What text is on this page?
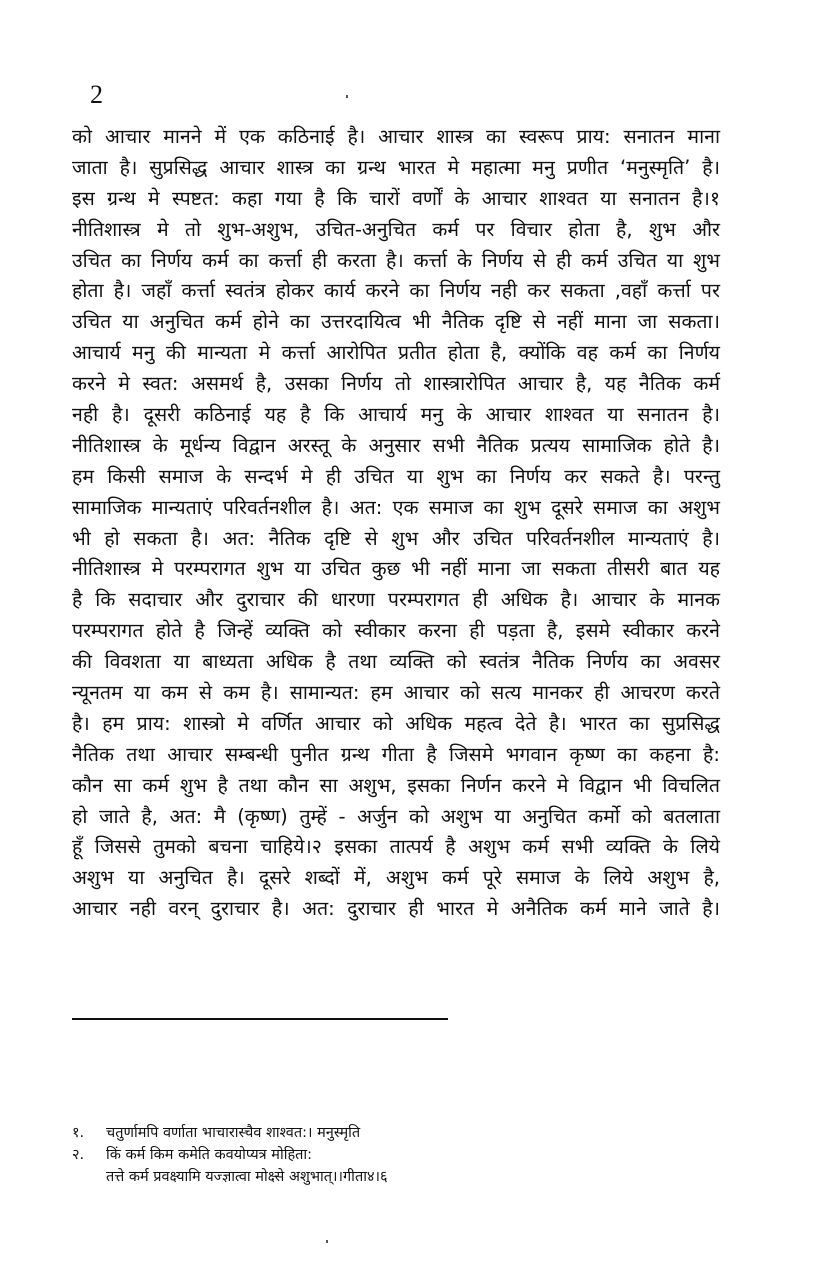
2
को आचार मानने में एक कठिनाई है। आचार शास्त्र का स्वरूप प्राय: सनातन माना
जाता है। सुप्रसिद्ध आचार शास्त्र का ग्रन्थ भारत मे महात्मा मनु प्रणीत ‘मनुस्मृति’ है।
इस ग्रन्थ मे स्पष्टत: कहा गया है कि चारों वर्णों के आचार शाश्वत या सनातन है।१
नीतिशास्त्र मे तो शुभ-अशुभ, उचित-अनुचित कर्म पर विचार होता है, शुभ और
उचित का निर्णय कर्म का कर्त्ता ही करता है। कर्त्ता के निर्णय से ही कर्म उचित या शुभ
होता है। जहाँ कर्त्ता स्वतंत्र होकर कार्य करने का निर्णय नही कर सकता ,वहाँ कर्त्ता पर
उचित या अनुचित कर्म होने का उत्तरदायित्व भी नैतिक दृष्टि से नहीं माना जा सकता।
आचार्य मनु की मान्यता मे कर्त्ता आरोपित प्रतीत होता है, क्योंकि वह कर्म का निर्णय
करने मे स्वत: असमर्थ है, उसका निर्णय तो शास्त्रारोपित आचार है, यह नैतिक कर्म
नही है। दूसरी कठिनाई यह है कि आचार्य मनु के आचार शाश्वत या सनातन है।
नीतिशास्त्र के मूर्धन्य विद्वान अरस्तू के अनुसार सभी नैतिक प्रत्यय सामाजिक होते है।
हम किसी समाज के सन्दर्भ मे ही उचित या शुभ का निर्णय कर सकते है। परन्तु
सामाजिक मान्यताएं परिवर्तनशील है। अत: एक समाज का शुभ दूसरे समाज का अशुभ
भी हो सकता है। अत: नैतिक दृष्टि से शुभ और उचित परिवर्तनशील मान्यताएं है।
नीतिशास्त्र मे परम्परागत शुभ या उचित कुछ भी नहीं माना जा सकता तीसरी बात यह
है कि सदाचार और दुराचार की धारणा परम्परागत ही अधिक है। आचार के मानक
परम्परागत होते है जिन्हें व्यक्ति को स्वीकार करना ही पड़ता है, इसमे स्वीकार करने
की विवशता या बाध्यता अधिक है तथा व्यक्ति को स्वतंत्र नैतिक निर्णय का अवसर
न्यूनतम या कम से कम है। सामान्यत: हम आचार को सत्य मानकर ही आचरण करते
है। हम प्राय: शास्त्रो मे वर्णित आचार को अधिक महत्व देते है। भारत का सुप्रसिद्ध
नैतिक तथा आचार सम्बन्धी पुनीत ग्रन्थ गीता है जिसमे भगवान कृष्ण का कहना है:
कौन सा कर्म शुभ है तथा कौन सा अशुभ, इसका निर्णन करने मे विद्वान भी विचलित
हो जाते है, अत: मै (कृष्ण) तुम्हें - अर्जुन को अशुभ या अनुचित कर्मो को बतलाता
हूँ जिससे तुमको बचना चाहिये।२ इसका तात्पर्य है अशुभ कर्म सभी व्यक्ति के लिये
अशुभ या अनुचित है। दूसरे शब्दों में, अशुभ कर्म पूरे समाज के लिये अशुभ है,
आचार नही वरन् दुराचार है। अत: दुराचार ही भारत मे अनैतिक कर्म माने जाते है।
१. चतुर्णामपि वर्णाता भाचारास्चैव शाश्वत:। मनुस्मृति
२. किं कर्म किम कमेति कवयोप्यत्र मोहिता:
तत्ते कर्म प्रवक्ष्यामि यज्ज्ञात्वा मोक्ष्से अशुभात्।।गीता४।६
